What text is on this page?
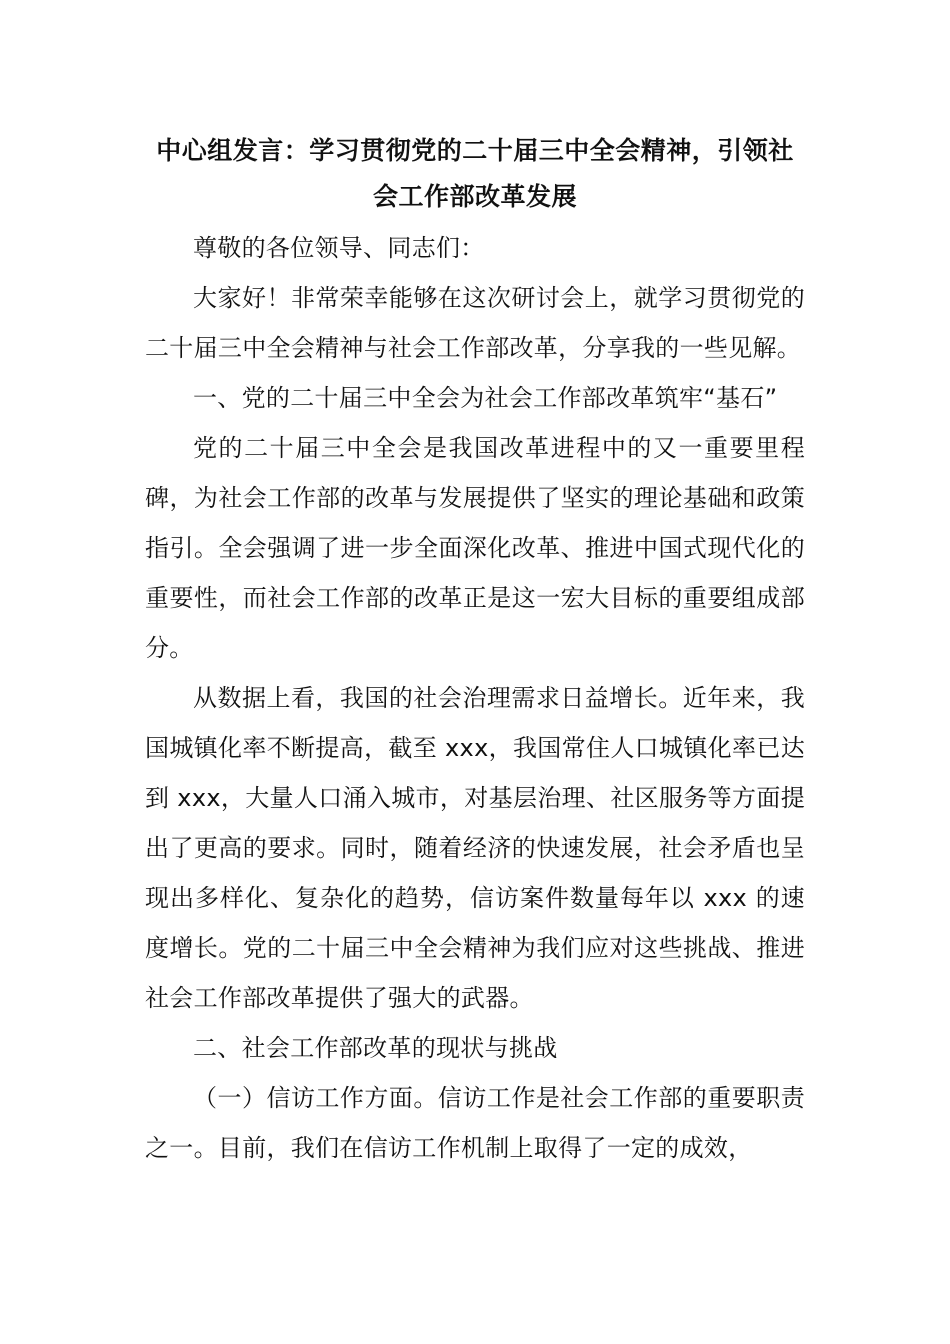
中心组发言：学习贯彻党的二十届三中全会精神，引领社会工作部改革发展

尊敬的各位领导、同志们：

大家好！非常荣幸能够在这次研讨会上，就学习贯彻党的二十届三中全会精神与社会工作部改革，分享我的一些见解。

一、党的二十届三中全会为社会工作部改革筑牢“基石”

党的二十届三中全会是我国改革进程中的又一重要里程碑，为社会工作部的改革与发展提供了坚实的理论基础和政策指引。全会强调了进一步全面深化改革、推进中国式现代化的重要性，而社会工作部的改革正是这一宏大目标的重要组成部分。

从数据上看，我国的社会治理需求日益增长。近年来，我国城镇化率不断提高，截至 xxx，我国常住人口城镇化率已达到 xxx，大量人口涌入城市，对基层治理、社区服务等方面提出了更高的要求。同时，随着经济的快速发展，社会矛盾也呈现出多样化、复杂化的趋势，信访案件数量每年以 xxx 的速度增长。党的二十届三中全会精神为我们应对这些挑战、推进社会工作部改革提供了强大的武器。

二、社会工作部改革的现状与挑战

（一）信访工作方面。信访工作是社会工作部的重要职责之一。目前，我们在信访工作机制上取得了一定的成效，
